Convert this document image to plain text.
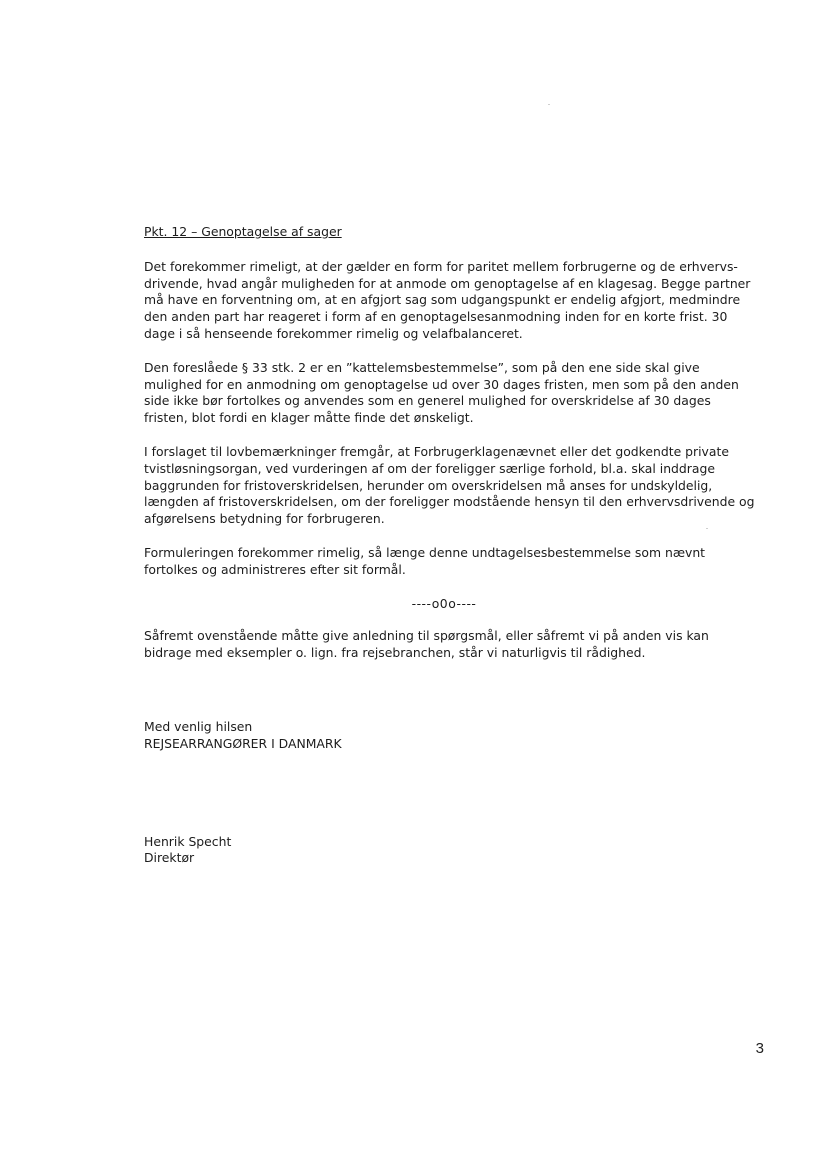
Pkt. 12 – Genoptagelse af sager
Det forekommer rimeligt, at der gælder en form for paritet mellem forbrugerne og de erhvervs-
drivende, hvad angår muligheden for at anmode om genoptagelse af en klagesag. Begge partner
må have en forventning om, at en afgjort sag som udgangspunkt er endelig afgjort, medmindre
den anden part har reageret i form af en genoptagelsesanmodning inden for en korte frist. 30
dage i så henseende forekommer rimelig og velafbalanceret.
Den foreslåede § 33 stk. 2 er en ”kattelemsbestemmelse”, som på den ene side skal give
mulighed for en anmodning om genoptagelse ud over 30 dages fristen, men som på den anden
side ikke bør fortolkes og anvendes som en generel mulighed for overskridelse af 30 dages
fristen, blot fordi en klager måtte finde det ønskeligt.
I forslaget til lovbemærkninger fremgår, at Forbrugerklagenævnet eller det godkendte private
tvistløsningsorgan, ved vurderingen af om der foreligger særlige forhold, bl.a. skal inddrage
baggrunden for fristoverskridelsen, herunder om overskridelsen må anses for undskyldelig,
længden af fristoverskridelsen, om der foreligger modstående hensyn til den erhvervsdrivende og
afgørelsens betydning for forbrugeren.
Formuleringen forekommer rimelig, så længe denne undtagelsesbestemmelse som nævnt
fortolkes og administreres efter sit formål.
----o0o----
Såfremt ovenstående måtte give anledning til spørgsmål, eller såfremt vi på anden vis kan
bidrage med eksempler o. lign. fra rejsebranchen, står vi naturligvis til rådighed.
Med venlig hilsen
REJSEARRANGØRER I DANMARK
Henrik Specht
Direktør
3
